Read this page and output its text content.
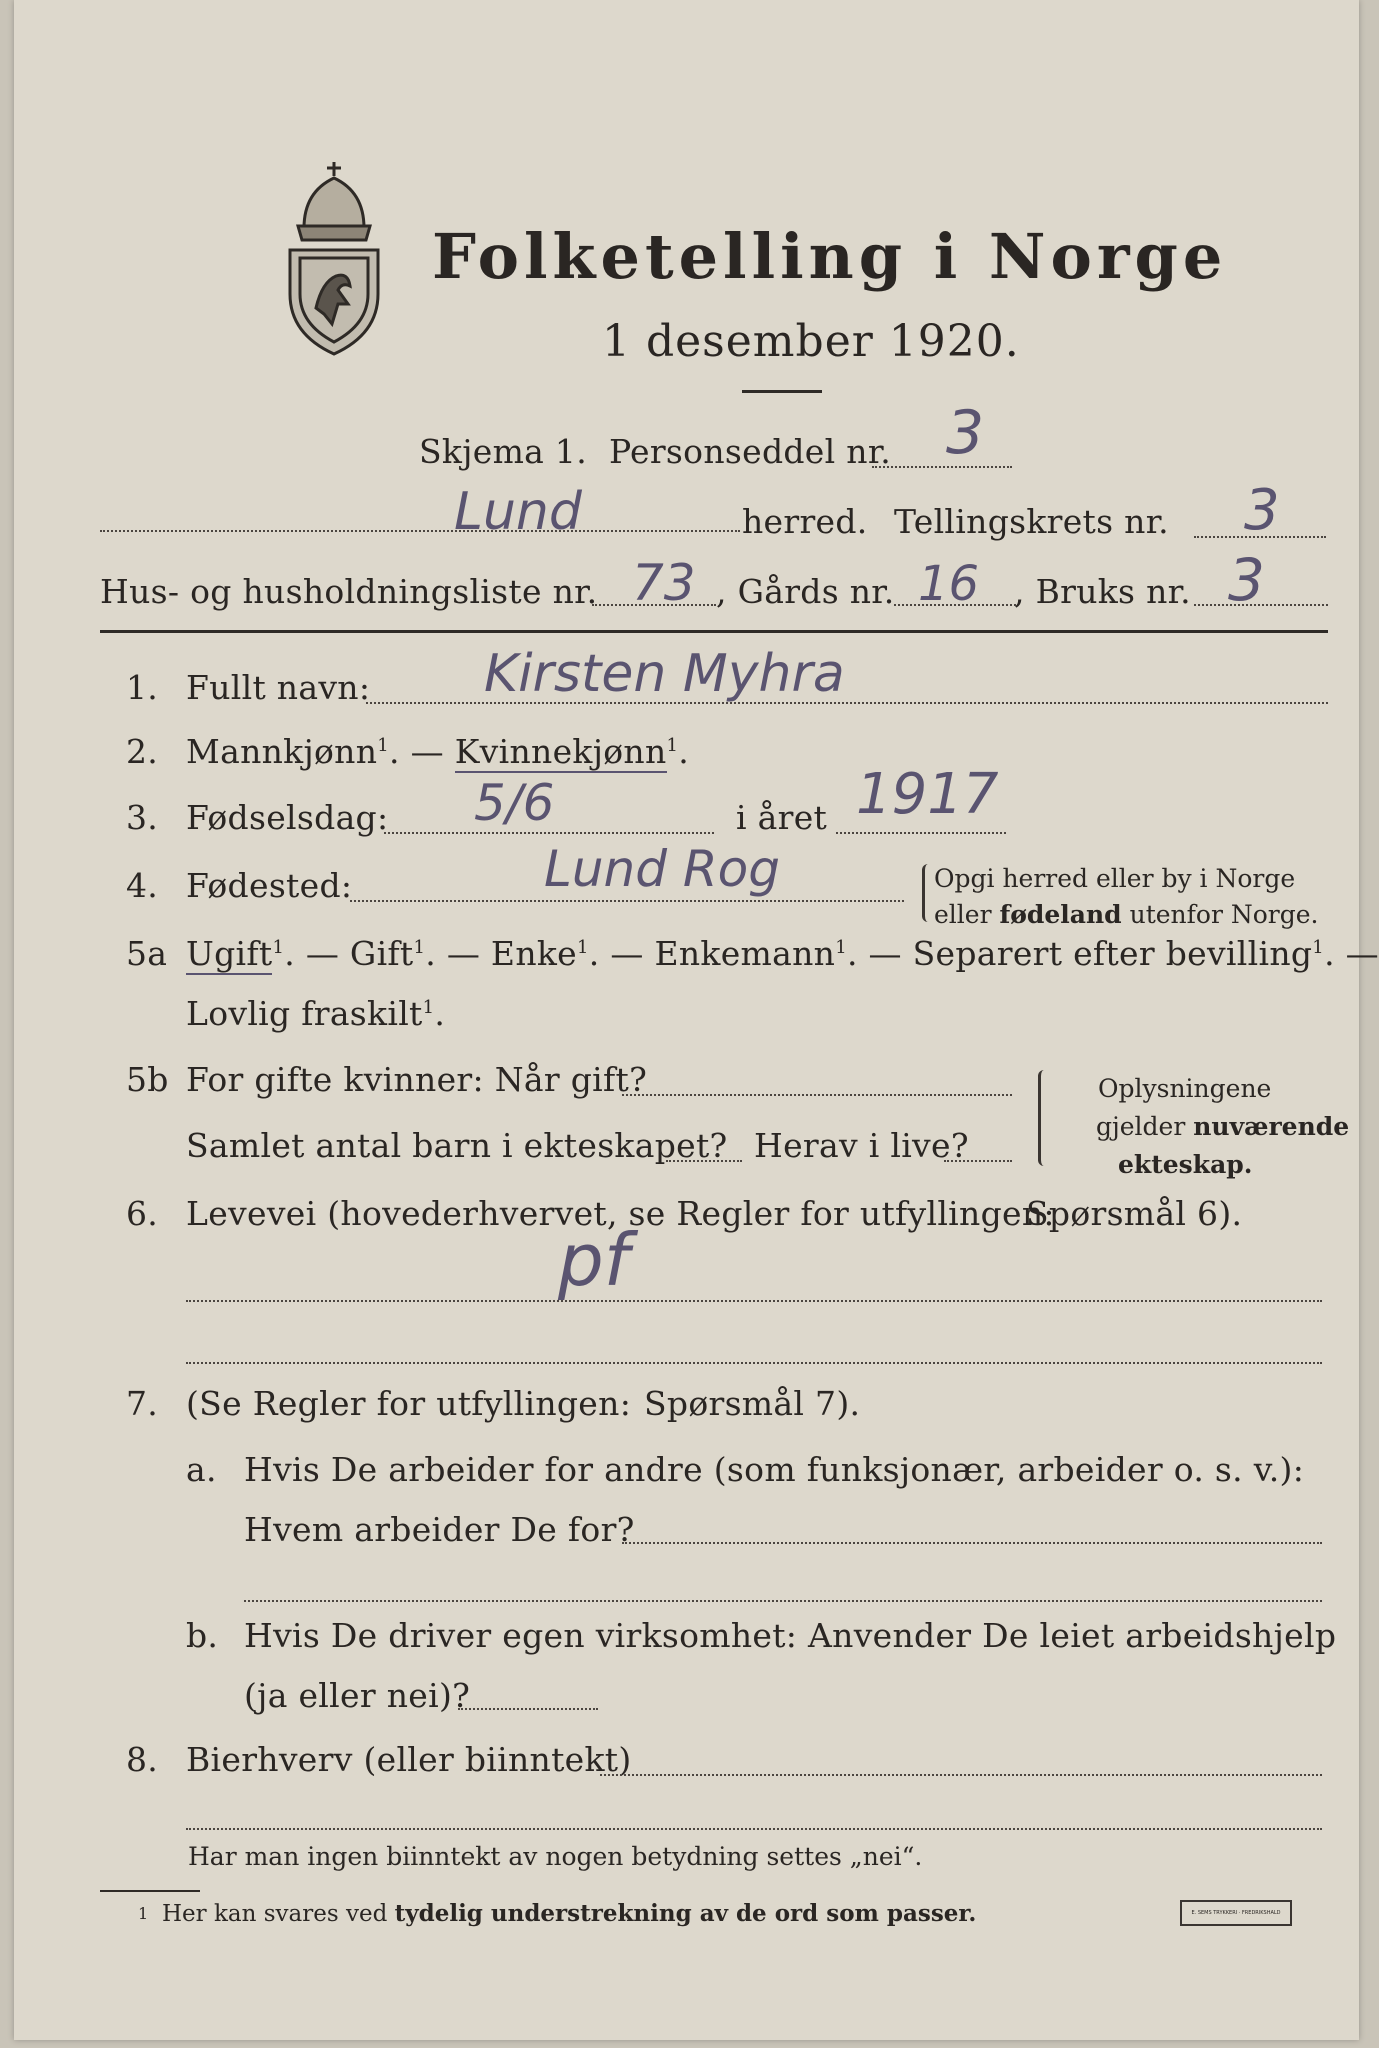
Folketelling i Norge
1 desember 1920.
Skjema 1. Personseddel nr. 3
Lund	herred. Tellingskrets nr. 3
Hus- og husholdningsliste nr. 73 , Gårds nr. 16 , Bruks nr. 3
1. Fullt navn: Kirsten Myhra
2. Mannkjønn$^1$. — Kvinnekjønn$^1$.
3. Fødselsdag: 5/6	i året 1917
4. Fødested:	Lund Rog	Opgi herred eller by i Norge
eller fødeland utenfor Norge.
5a Ugift$^1$. — Gift$^1$. — Enke$^1$. — Enkemann$^1$. — Separert efter bevilling$^1$. —
Lovlig fraskilt$^1$.
5b For gifte kvinner: Når gift?
Samlet antal barn i ekteskapet? Herav i live?
Oplysningene
gjelder nuværende
ekteskap.
6. Levevei (hovederhvervet, se Regler for utfyllingen:
Spørsmål 6).
pf
7. (Se Regler for utfyllingen: Spørsmål 7).
a. Hvis De arbeider for andre (som funksjonær, arbeider o. s. v.):
Hvem arbeider De for?
b. Hvis De driver egen virksomhet: Anvender De leiet arbeidshjelp
(ja eller nei)?
8. Bierhverv (eller biinntekt)
Har man ingen biinntekt av nogen betydning settes „nei“.
1 Her kan svares ved tydelig understrekning av de ord som passer.	E. SEMS TRYKKERI · FREDRIKSHALD
